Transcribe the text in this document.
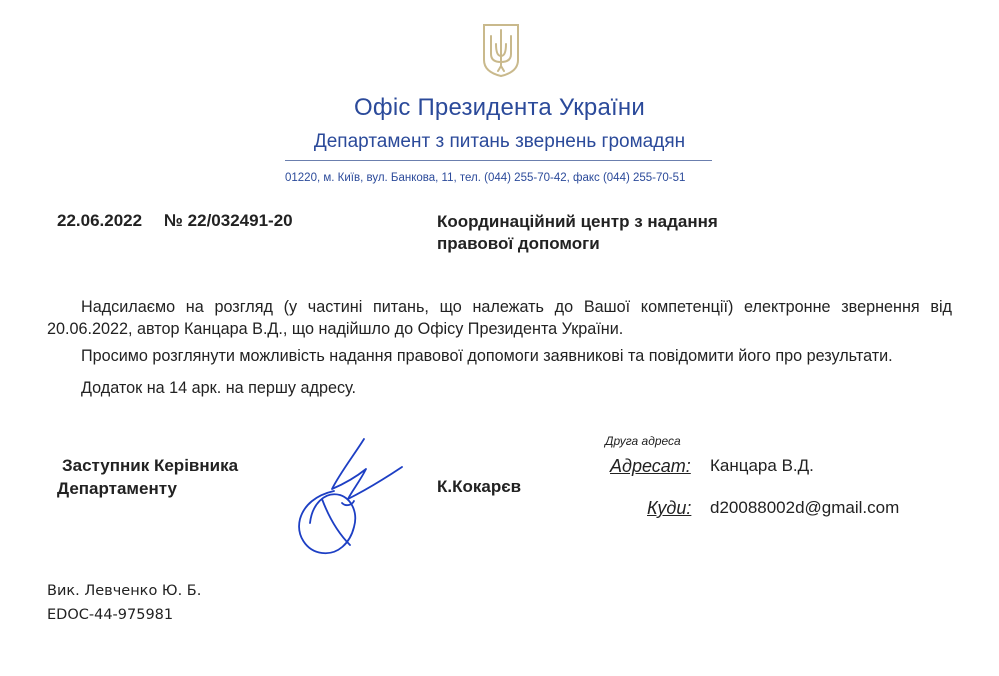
Офіс Президента України
Департамент з питань звернень громадян
01220, м. Київ, вул. Банкова, 11, тел. (044) 255-70-42, факс (044) 255-70-51
22.06.2022 № 22/032491-20	Координаційний центр з надання
правової допомоги
Надсилаємо на розгляд (у частині питань, що належать до Вашої компетенції) електронне звернення від
20.06.2022, автор Канцара В.Д., що надійшло до Офісу Президента України.
Просимо розглянути можливість надання правової допомоги заявникові та повідомити його про результати.
Додаток на 14 арк. на першу адресу.
Заступник Керівника
Департаменту	К.Кокарєв
Друга адреса
Адресат: Канцара В.Д.
Куди: d20088002d@gmail.com
Вик. Левченко Ю. Б.
EDOC-44-975981
